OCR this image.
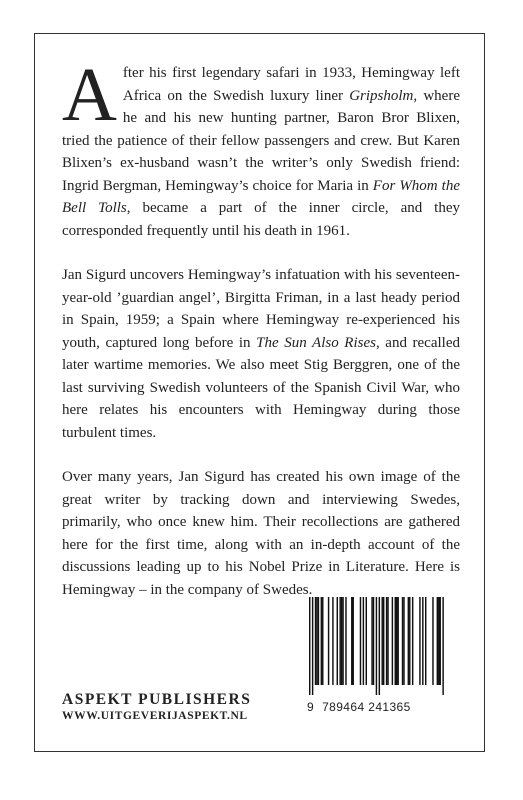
After his first legendary safari in 1933, Hemingway left Africa on the Swedish luxury liner Gripsholm, where he and his new hunting partner, Baron Bror Blixen, tried the patience of their fellow passengers and crew. But Karen Blixen’s ex-husband wasn’t the writer’s only Swedish friend: Ingrid Bergman, Hemingway’s choice for Maria in For Whom the Bell Tolls, became a part of the inner circle, and they corresponded frequently until his death in 1961.

Jan Sigurd uncovers Hemingway’s infatuation with his seventeen-year-old ’guardian angel’, Birgitta Friman, in a last heady period in Spain, 1959; a Spain where Hemingway re-experienced his youth, captured long before in The Sun Also Rises, and recalled later wartime memories. We also meet Stig Berggren, one of the last surviving Swedish volunteers of the Spanish Civil War, who here relates his encounters with Hemingway during those turbulent times.

Over many years, Jan Sigurd has created his own image of the great writer by tracking down and interviewing Swedes, primarily, who once knew him. Their recollections are gathered here for the first time, along with an in-depth account of the discussions leading up to his Nobel Prize in Literature. Here is Hemingway – in the company of Swedes.

ASPEKT PUBLISHERS
WWW.UITGEVERIJASPEKT.NL
9 789464 241365
